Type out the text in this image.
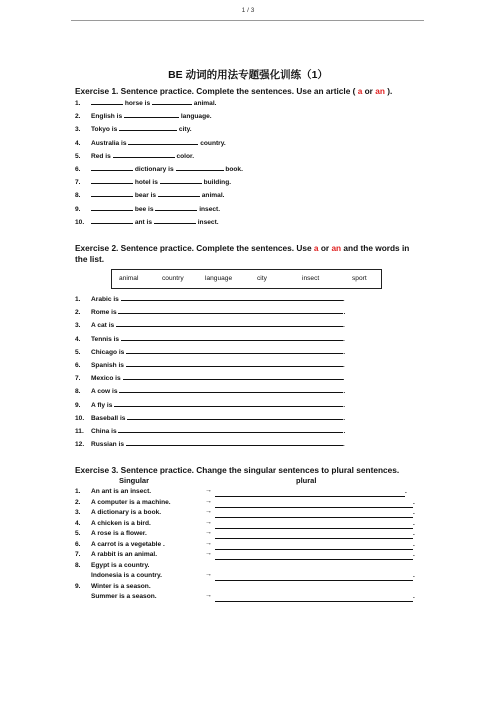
1 / 3
BE 动词的用法专题强化训练（1）
Exercise 1. Sentence practice. Complete the sentences. Use an article ( a or an ).
1.	horse is	animal.
2. English is	language.
3. Tokyo is	city.
4. Australia is	country.
5. Red is	color.
6.	dictionary is	book.
7.	hotel is	building.
8.	bear is	animal.
9.	bee is	insect.
10.	ant is	insect.
Exercise 2. Sentence practice. Complete the sentences. Use a or an and the words in the list.
animal	country	language	city	insect	sport
1. Arabic is	.
2. Rome is	.
3. A cat is	.
4. Tennis is	.
5. Chicago is	.
6. Spanish is	.
7. Mexico is	.
8. A cow is	.
9. A fly is	.
10. Baseball is	.
11. China is	.
12. Russian is	.
Exercise 3. Sentence practice. Change the singular sentences to plural sentences.
Singular	plural
1. An ant is an insect.	→	.
2. A computer is a machine.	→	.
3. A dictionary is a book.	→	.
4. A chicken is a bird.	→	.
5. A rose is a flower.	→	.
6. A carrot is a vegetable .	→	.
7. A rabbit is an animal.	→	.
8. Egypt is a country.
Indonesia is a country.	→	.
9. Winter is a season.
Summer is a season.	→	.
